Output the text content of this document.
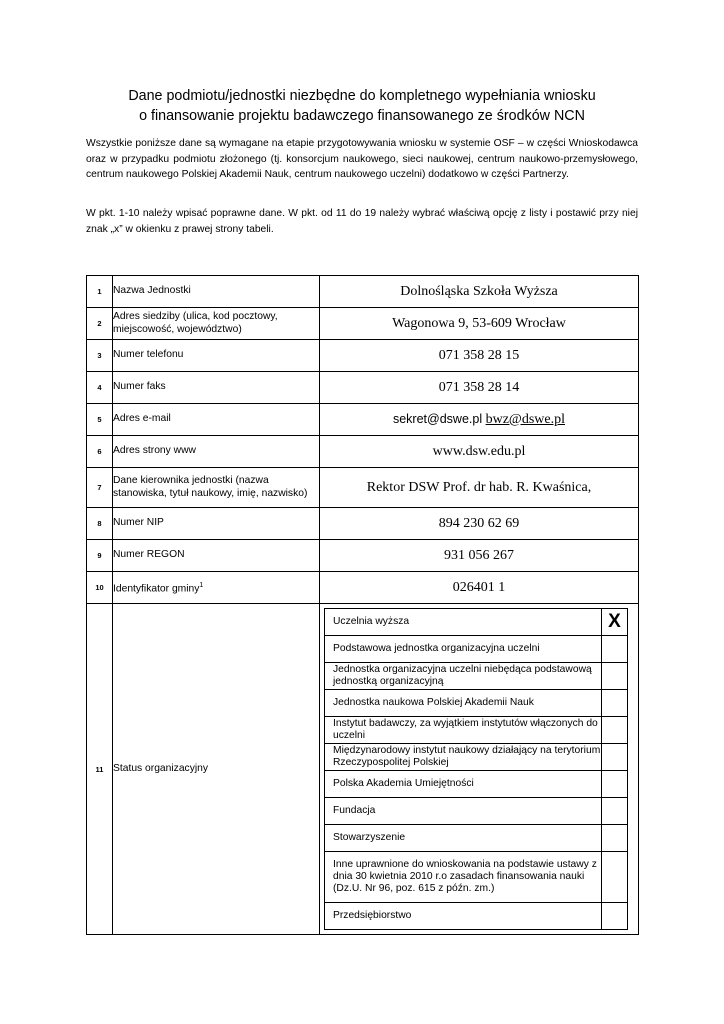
Dane podmiotu/jednostki niezbędne do kompletnego wypełniania wniosku
o finansowanie projektu badawczego finansowanego ze środków NCN
Wszystkie poniższe dane są wymagane na etapie przygotowywania wniosku w systemie OSF – w części Wnioskodawca oraz w przypadku podmiotu złożonego (tj. konsorcjum naukowego, sieci naukowej, centrum naukowo-przemysłowego, centrum naukowego Polskiej Akademii Nauk, centrum naukowego uczelni) dodatkowo w części Partnerzy.
W pkt. 1-10 należy wpisać poprawne dane. W pkt. od 11 do 19 należy wybrać właściwą opcję z listy i postawić przy niej znak „x” w okienku z prawej strony tabeli.
1	Nazwa Jednostki	Dolnośląska Szkoła Wyższa
2	Adres siedziby (ulica, kod pocztowy, miejscowość, województwo)	Wagonowa 9, 53-609 Wrocław
3	Numer telefonu	071 358 28 15
4	Numer faks	071 358 28 14
5	Adres e-mail	sekret@dswe.pl bwz@dswe.pl
6	Adres strony www	www.dsw.edu.pl
7	Dane kierownika jednostki (nazwa stanowiska, tytuł naukowy, imię, nazwisko)	Rektor DSW Prof. dr hab. R. Kwaśnica,
8	Numer NIP	894 230 62 69
9	Numer REGON	931 056 267
10	Identyfikator gminy$^1$	026401 1
11	Status organizacyjny	
Uczelnia wyższa	X
Podstawowa jednostka organizacyjna uczelni	
Jednostka organizacyjna uczelni niebędąca podstawową jednostką organizacyjną	
Jednostka naukowa Polskiej Akademii Nauk	
Instytut badawczy, za wyjątkiem instytutów włączonych do uczelni	
Międzynarodowy instytut naukowy działający na terytorium Rzeczypospolitej Polskiej	
Polska Akademia Umiejętności	
Fundacja	
Stowarzyszenie	
Inne uprawnione do wnioskowania na podstawie ustawy z dnia 30 kwietnia 2010 r.o zasadach finansowania nauki (Dz.U. Nr 96, poz. 615 z późn. zm.)	
Przedsiębiorstwo	
